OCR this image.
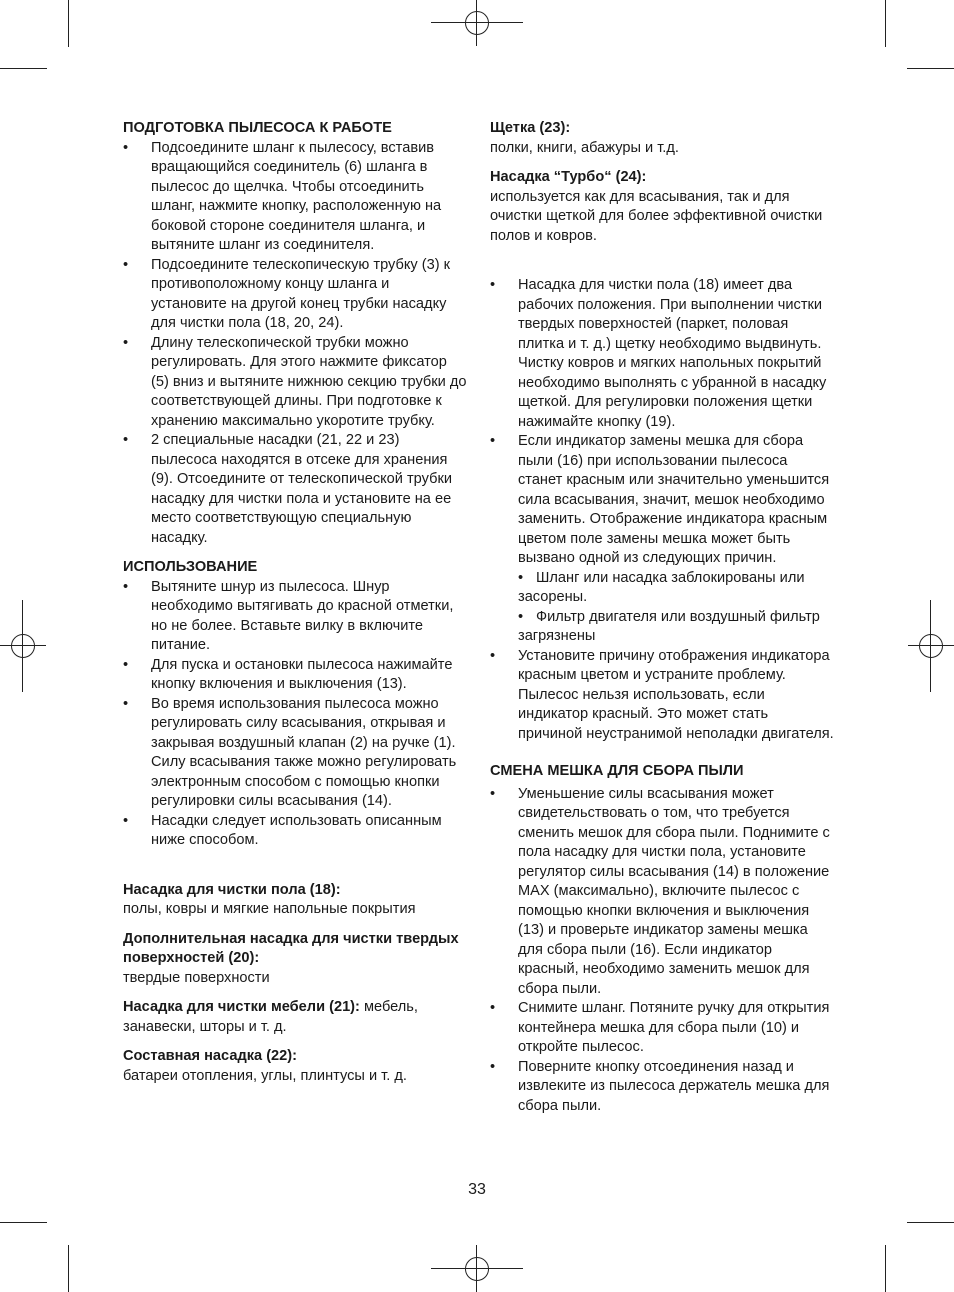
ПОДГОТОВКА ПЫЛЕСОСА К РАБОТЕ

• Подсоедините шланг к пылесосу, вставив вращающийся соединитель (6) шланга в пылесос до щелчка. Чтобы отсоединить шланг, нажмите кнопку, расположенную на боковой стороне соединителя шланга, и вытяните шланг из соединителя.
• Подсоедините телескопическую трубку (3) к противоположному концу шланга и установите на другой конец трубки насадку для чистки пола (18, 20, 24).
• Длину телескопической трубки можно регулировать. Для этого нажмите фиксатор (5) вниз и вытяните нижнюю секцию трубки до соответствующей длины. При подготовке к хранению максимально укоротите трубку.
• 2 специальные насадки (21, 22 и 23) пылесоса находятся в отсеке для хранения (9). Отсоедините от телескопической трубки насадку для чистки пола и установите на ее место соответствующую специальную насадку.

ИСПОЛЬЗОВАНИЕ

• Вытяните шнур из пылесоса. Шнур необходимо вытягивать до красной отметки, но не более. Вставьте вилку в включите питание.
• Для пуска и остановки пылесоса нажимайте кнопку включения и выключения (13).
• Во время использования пылесоса можно регулировать силу всасывания, открывая и закрывая воздушный клапан (2) на ручке (1). Силу всасывания также можно регулировать электронным способом с помощью кнопки регулировки силы всасывания (14).
• Насадки следует использовать описанным ниже способом.
Насадка для чистки пола (18):
полы, ковры и мягкие напольные покрытия
Дополнительная насадка для чистки твердых поверхностей (20):
твердые поверхности
Насадка для чистки мебели (21): мебель, занавески, шторы и т. д.
Составная насадка (22):
батареи отопления, углы, плинтусы и т. д.
Щетка (23):
полки, книги, абажуры и т.д.
Насадка “Турбо“ (24):
используется как для всасывания, так и для очистки щеткой для более эффективной очистки полов и ковров.
• Насадка для чистки пола (18) имеет два рабочих положения. При выполнении чистки твердых поверхностей (паркет, половая плитка и т. д.) щетку необходимо выдвинуть. Чистку ковров и мягких напольных покрытий необходимо выполнять с убранной в насадку щеткой. Для регулировки положения щетки нажимайте кнопку (19).
• Если индикатор замены мешка для сбора пыли (16) при использовании пылесоса станет красным или значительно уменьшится сила всасывания, значит, мешок необходимо заменить. Отображение индикатора красным цветом поле замены мешка может быть вызвано одной из следующих причин.
• Шланг или насадка заблокированы или засорены.
• Фильтр двигателя или воздушный фильтр загрязнены
• Установите причину отображения индикатора красным цветом и устраните проблему. Пылесос нельзя использовать, если индикатор красный. Это может стать причиной неустранимой неполадки двигателя.

СМЕНА МЕШКА ДЛЯ СБОРА ПЫЛИ

• Уменьшение силы всасывания может свидетельствовать о том, что требуется сменить мешок для сбора пыли. Поднимите с пола насадку для чистки пола, установите регулятор силы всасывания (14) в положение MAX (максимально), включите пылесос с помощью кнопки включения и выключения (13) и проверьте индикатор замены мешка для сбора пыли (16). Если индикатор красный, необходимо заменить мешок для сбора пыли.
• Снимите шланг. Потяните ручку для открытия контейнера мешка для сбора пыли (10) и откройте пылесос.
• Поверните кнопку отсоединения назад и извлеките из пылесоса держатель мешка для сбора пыли.
33
